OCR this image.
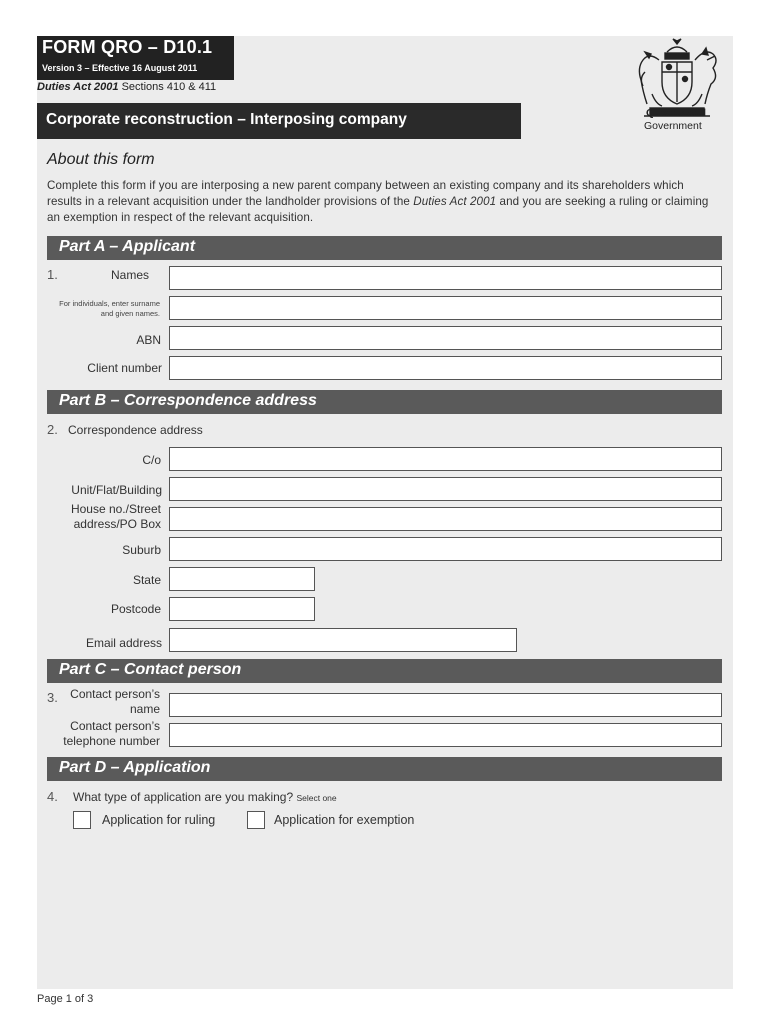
FORM QRO – D10.1
Version 3 – Effective 16 August 2011
Duties Act 2001 Sections 410 & 411
Corporate reconstruction – Interposing company	Queensland
Government
About this form
Complete this form if you are interposing a new parent company between an existing company and its shareholders which results in a relevant acquisition under the landholder provisions of the Duties Act 2001 and you are seeking a ruling or claiming an exemption in respect of the relevant acquisition.
Part A – Applicant
1.	Names
For individuals, enter surname and given names.
ABN
Client number
Part B – Correspondence address
2. Correspondence address
C/o
Unit/Flat/Building
House no./Street
address/PO Box
Suburb
State
Postcode
Email address
Part C – Contact person
3.	Contact person’s
name
Contact person’s
telephone number
Part D – Application
4. What type of application are you making? Select one
Application for ruling	Application for exemption
Page 1 of 3
